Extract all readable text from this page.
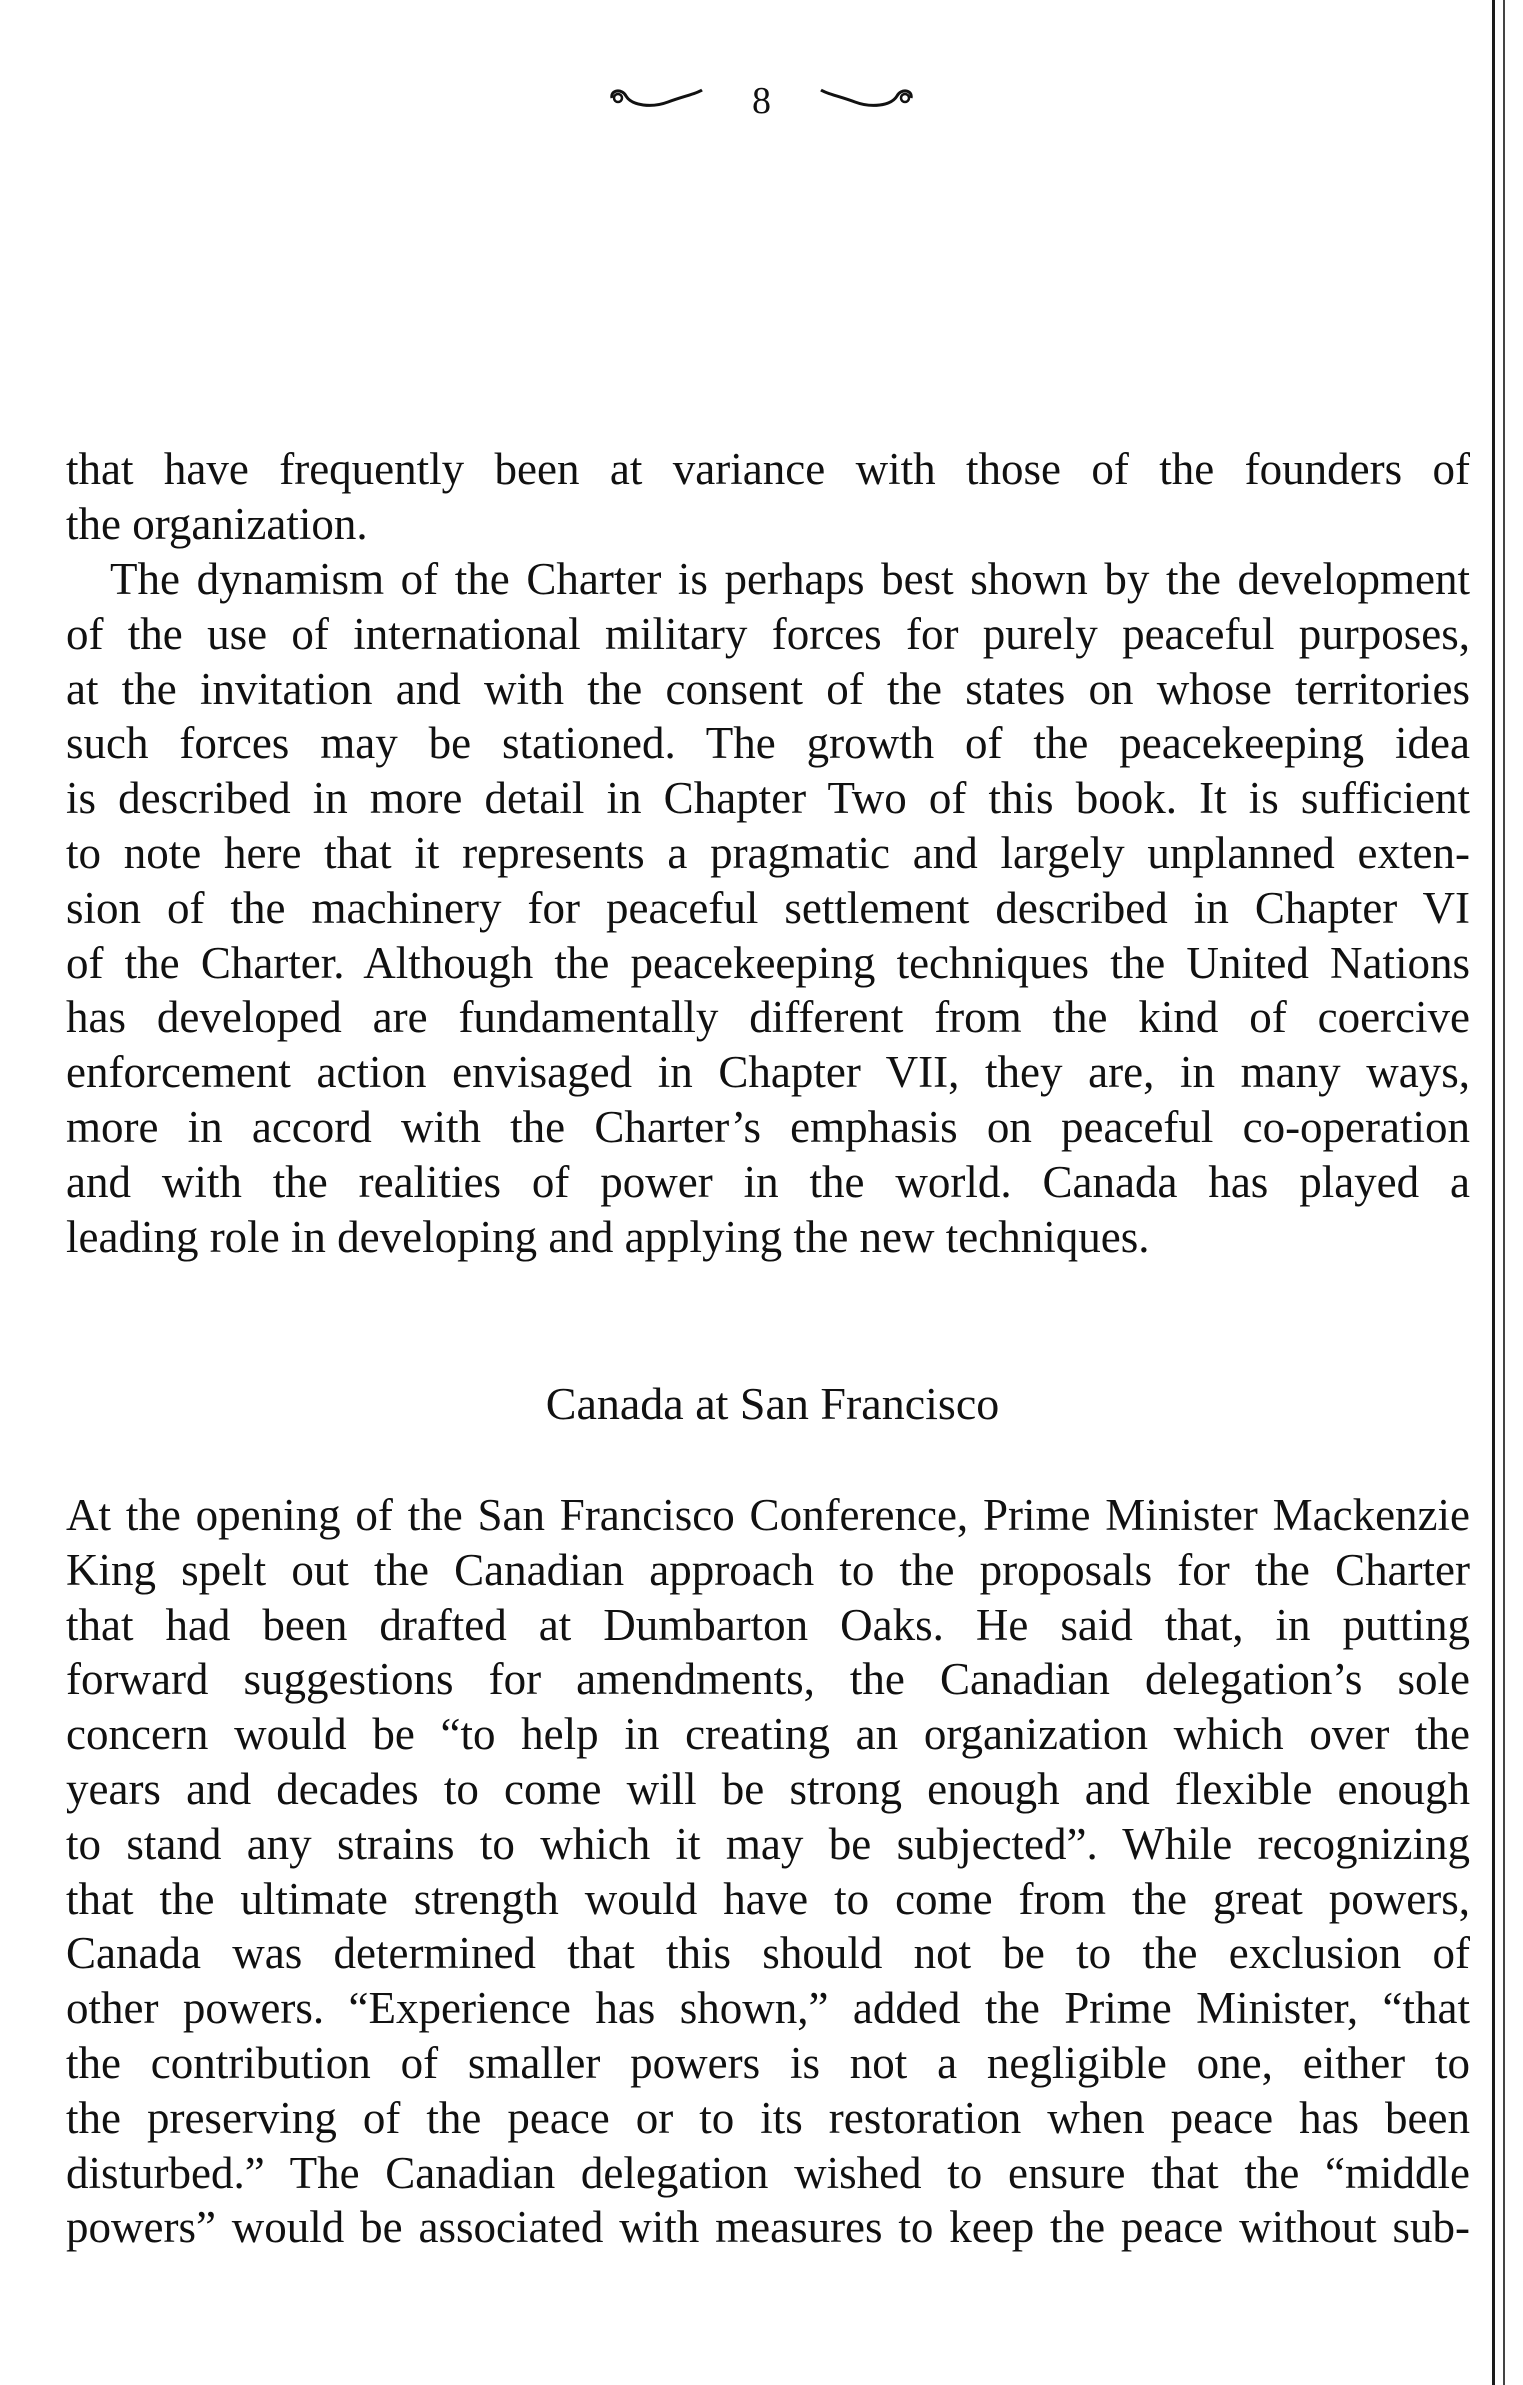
8
that have frequently been at variance with those of the founders of
the organization.
The dynamism of the Charter is perhaps best shown by the development
of the use of international military forces for purely peaceful purposes,
at the invitation and with the consent of the states on whose territories
such forces may be stationed. The growth of the peacekeeping idea
is described in more detail in Chapter Two of this book. It is sufficient
to note here that it represents a pragmatic and largely unplanned exten-
sion of the machinery for peaceful settlement described in Chapter VI
of the Charter. Although the peacekeeping techniques the United Nations
has developed are fundamentally different from the kind of coercive
enforcement action envisaged in Chapter VII, they are, in many ways,
more in accord with the Charter’s emphasis on peaceful co-operation
and with the realities of power in the world. Canada has played a
leading role in developing and applying the new techniques.
Canada at San Francisco
At the opening of the San Francisco Conference, Prime Minister Mackenzie
King spelt out the Canadian approach to the proposals for the Charter
that had been drafted at Dumbarton Oaks. He said that, in putting
forward suggestions for amendments, the Canadian delegation’s sole
concern would be “to help in creating an organization which over the
years and decades to come will be strong enough and flexible enough
to stand any strains to which it may be subjected”. While recognizing
that the ultimate strength would have to come from the great powers,
Canada was determined that this should not be to the exclusion of
other powers. “Experience has shown,” added the Prime Minister, “that
the contribution of smaller powers is not a negligible one, either to
the preserving of the peace or to its restoration when peace has been
disturbed.” The Canadian delegation wished to ensure that the “middle
powers” would be associated with measures to keep the peace without sub-
